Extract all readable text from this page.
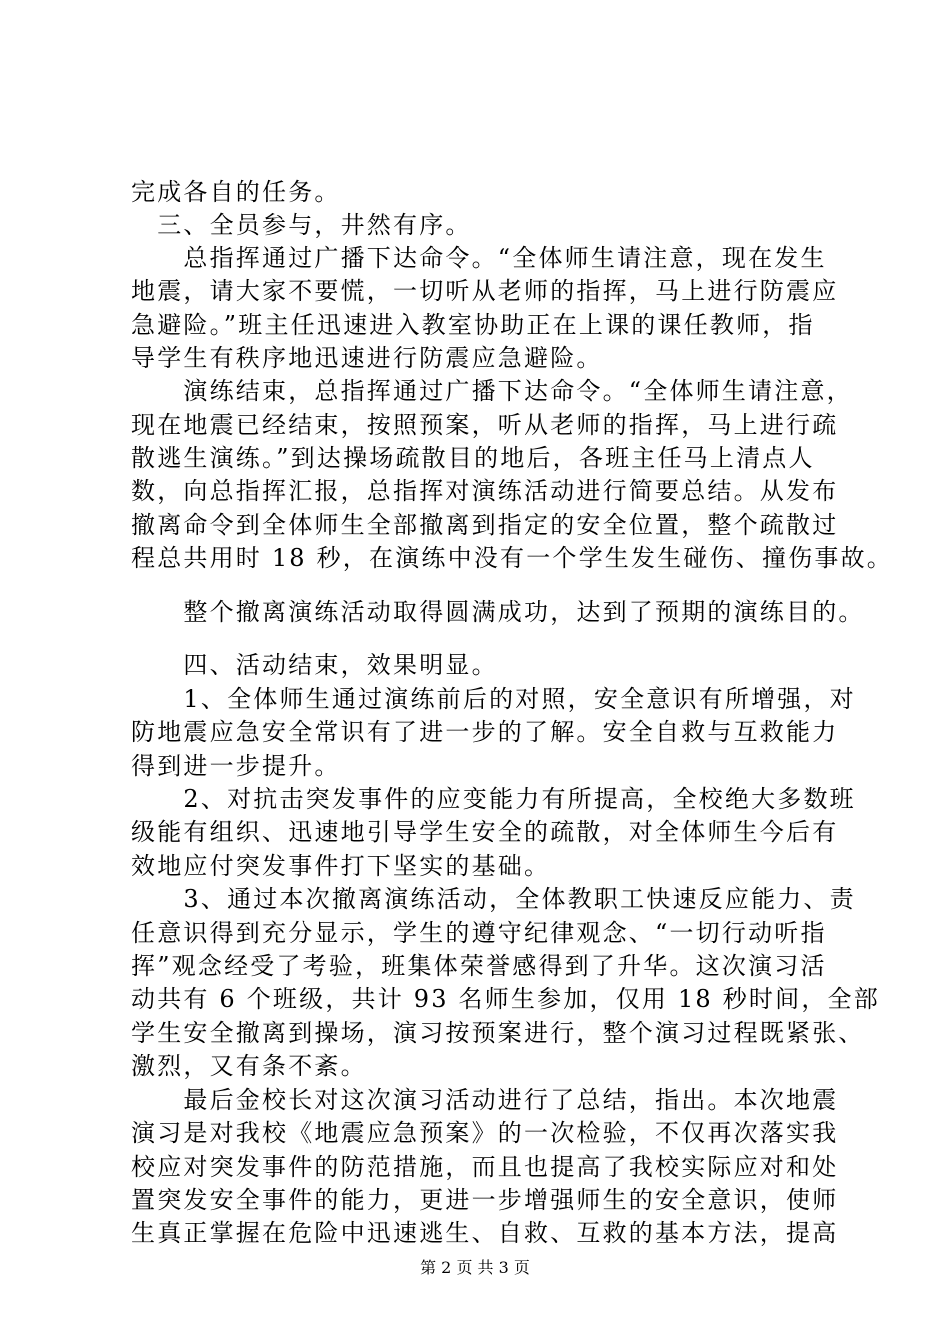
完成各自的任务。
　三、全员参与，井然有序。
　　总指挥通过广播下达命令。“全体师生请注意，现在发生
地震，请大家不要慌，一切听从老师的指挥，马上进行防震应
急避险。”班主任迅速进入教室协助正在上课的课任教师，指
导学生有秩序地迅速进行防震应急避险。
　　演练结束，总指挥通过广播下达命令。“全体师生请注意，
现在地震已经结束，按照预案，听从老师的指挥，马上进行疏
散逃生演练。”到达操场疏散目的地后，各班主任马上清点人
数，向总指挥汇报，总指挥对演练活动进行简要总结。从发布
撤离命令到全体师生全部撤离到指定的安全位置，整个疏散过
程总共用时 18 秒，在演练中没有一个学生发生碰伤、撞伤事故。
　　整个撤离演练活动取得圆满成功，达到了预期的演练目的。
　　四、活动结束，效果明显。
　　1、全体师生通过演练前后的对照，安全意识有所增强，对
防地震应急安全常识有了进一步的了解。安全自救与互救能力
得到进一步提升。
　　2、对抗击突发事件的应变能力有所提高，全校绝大多数班
级能有组织、迅速地引导学生安全的疏散，对全体师生今后有
效地应付突发事件打下坚实的基础。
　　3、通过本次撤离演练活动，全体教职工快速反应能力、责
任意识得到充分显示，学生的遵守纪律观念、“一切行动听指
挥”观念经受了考验，班集体荣誉感得到了升华。这次演习活
动共有 6 个班级，共计 93 名师生参加，仅用 18 秒时间，全部
学生安全撤离到操场，演习按预案进行，整个演习过程既紧张、
激烈，又有条不紊。
　　最后金校长对这次演习活动进行了总结，指出。本次地震
演习是对我校《地震应急预案》的一次检验，不仅再次落实我
校应对突发事件的防范措施，而且也提高了我校实际应对和处
置突发安全事件的能力，更进一步增强师生的安全意识，使师
生真正掌握在危险中迅速逃生、自救、互救的基本方法，提高
第 2 页 共 3 页
